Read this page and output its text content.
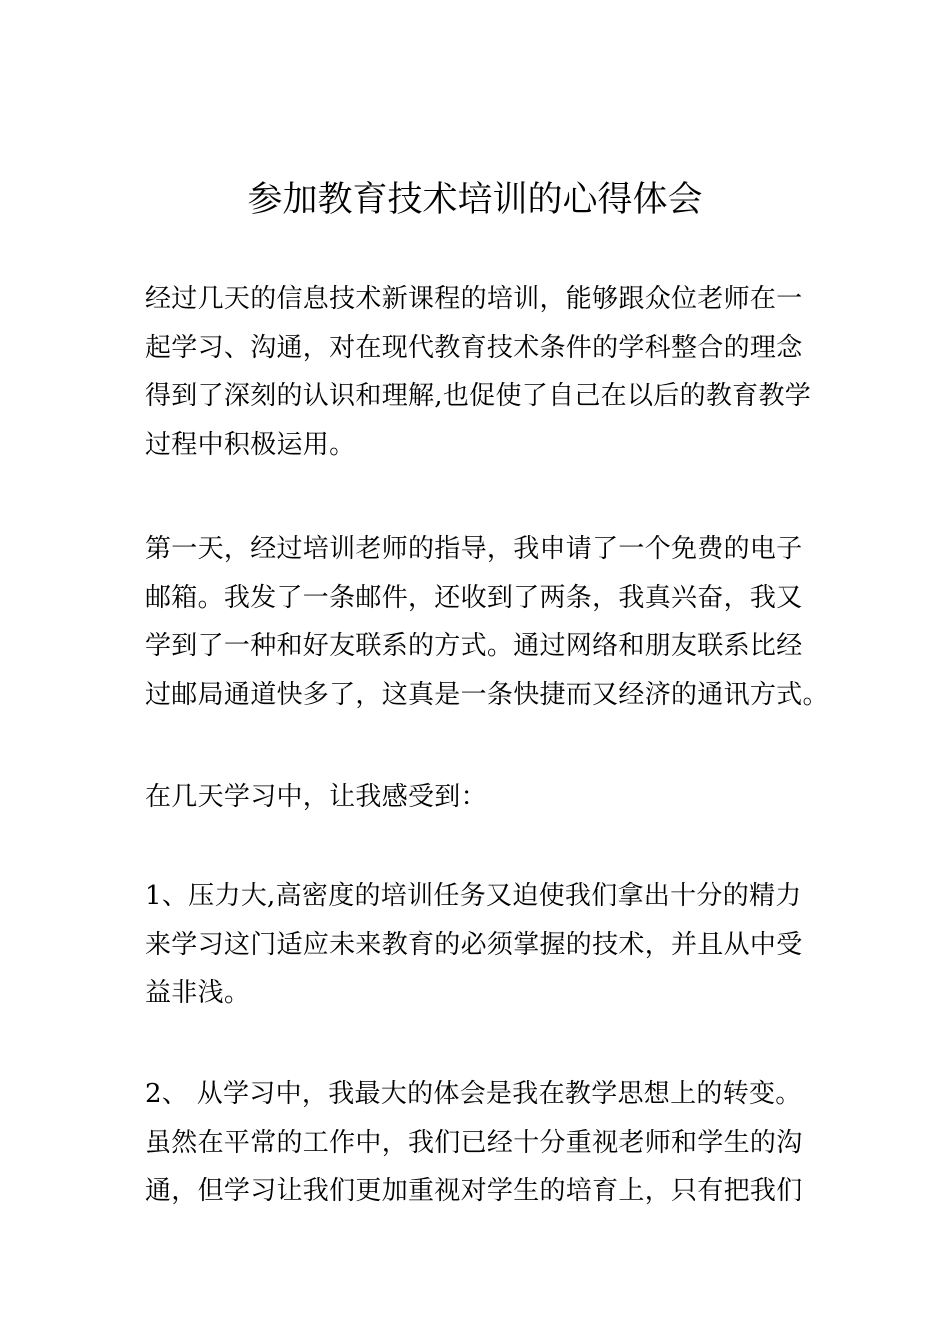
参加教育技术培训的心得体会

经过几天的信息技术新课程的培训，能够跟众位老师在一
起学习、沟通，对在现代教育技术条件的学科整合的理念
得到了深刻的认识和理解,也促使了自己在以后的教育教学
过程中积极运用。

第一天，经过培训老师的指导，我申请了一个免费的电子
邮箱。我发了一条邮件，还收到了两条，我真兴奋，我又
学到了一种和好友联系的方式。通过网络和朋友联系比经
过邮局通道快多了，这真是一条快捷而又经济的通讯方式。

在几天学习中，让我感受到：

1、压力大,高密度的培训任务又迫使我们拿出十分的精力
来学习这门适应未来教育的必须掌握的技术，并且从中受
益非浅。

2、 从学习中，我最大的体会是我在教学思想上的转变。
虽然在平常的工作中，我们已经十分重视老师和学生的沟
通，但学习让我们更加重视对学生的培育上，只有把我们
